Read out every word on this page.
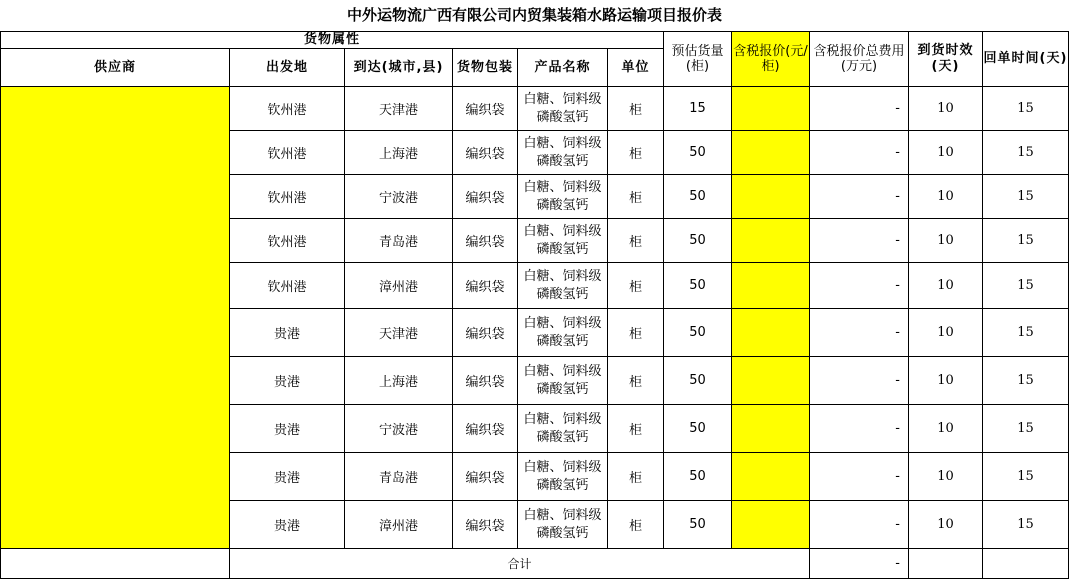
中外运物流广西有限公司内贸集装箱水路运输项目报价表
货物属性						预估货量(柜)	含税报价(元/柜)	含税报价总费用(万元)	到货时效(天)	回单时间(天)
供应商	出发地	到达(城市,县)	货物包装	产品名称	单位					
	钦州港	天津港	编织袋	白糖、饲料级磷酸氢钙	柜	15		-	10	15
	钦州港	上海港	编织袋	白糖、饲料级磷酸氢钙	柜	50		-	10	15
	钦州港	宁波港	编织袋	白糖、饲料级磷酸氢钙	柜	50		-	10	15
	钦州港	青岛港	编织袋	白糖、饲料级磷酸氢钙	柜	50		-	10	15
	钦州港	漳州港	编织袋	白糖、饲料级磷酸氢钙	柜	50		-	10	15
	贵港	天津港	编织袋	白糖、饲料级磷酸氢钙	柜	50		-	10	15
	贵港	上海港	编织袋	白糖、饲料级磷酸氢钙	柜	50		-	10	15
	贵港	宁波港	编织袋	白糖、饲料级磷酸氢钙	柜	50		-	10	15
	贵港	青岛港	编织袋	白糖、饲料级磷酸氢钙	柜	50		-	10	15
	贵港	漳州港	编织袋	白糖、饲料级磷酸氢钙	柜	50		-	10	15
	合计							-		
